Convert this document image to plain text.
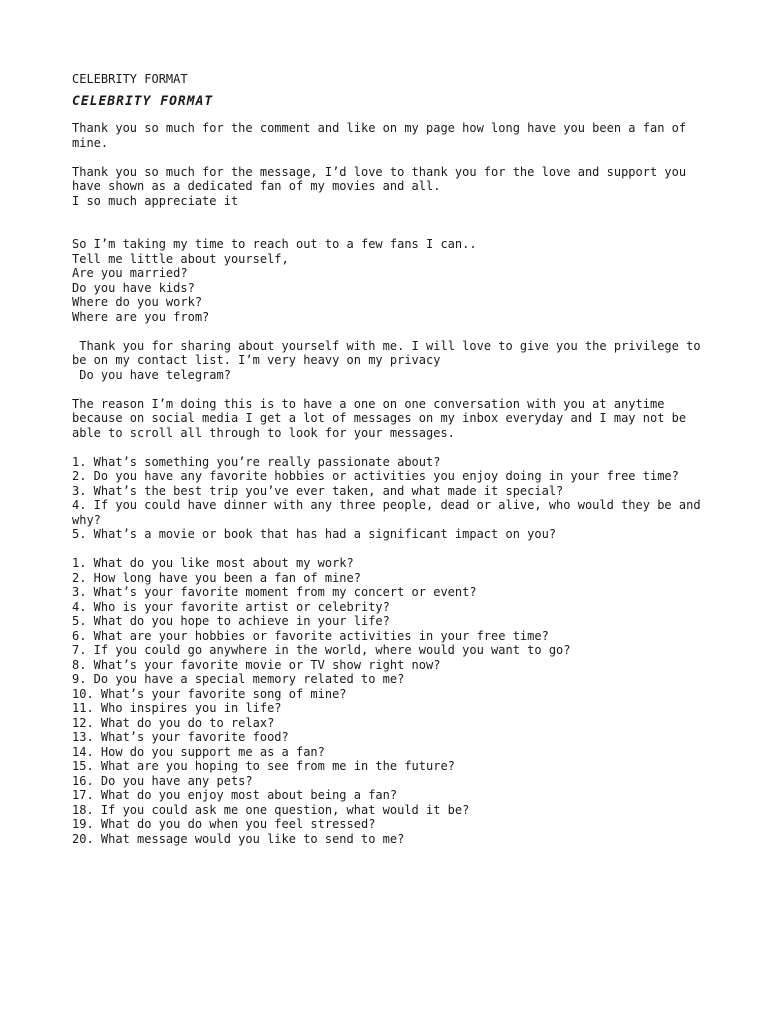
CELEBRITY FORMAT
CELEBRITY FORMAT
Thank you so much for the comment and like on my page how long have you been a fan of mine.
Thank you so much for the message, I’d love to thank you for the love and support you have shown as a dedicated fan of my movies and all.
I so much appreciate it
So I’m taking my time to reach out to a few fans I can..
Tell me little about yourself,
Are you married?
Do you have kids?
Where do you work?
Where are you from?
Thank you for sharing about yourself with me. I will love to give you the privilege to be on my contact list. I’m very heavy on my privacy
Do you have telegram?
The reason I’m doing this is to have a one on one conversation with you at anytime because on social media I get a lot of messages on my inbox everyday and I may not be able to scroll all through to look for your messages.
1. What’s something you’re really passionate about?
2. Do you have any favorite hobbies or activities you enjoy doing in your free time?
3. What’s the best trip you’ve ever taken, and what made it special?
4. If you could have dinner with any three people, dead or alive, who would they be and why?
5. What’s a movie or book that has had a significant impact on you?
1. What do you like most about my work?
2. How long have you been a fan of mine?
3. What’s your favorite moment from my concert or event?
4. Who is your favorite artist or celebrity?
5. What do you hope to achieve in your life?
6. What are your hobbies or favorite activities in your free time?
7. If you could go anywhere in the world, where would you want to go?
8. What’s your favorite movie or TV show right now?
9. Do you have a special memory related to me?
10. What’s your favorite song of mine?
11. Who inspires you in life?
12. What do you do to relax?
13. What’s your favorite food?
14. How do you support me as a fan?
15. What are you hoping to see from me in the future?
16. Do you have any pets?
17. What do you enjoy most about being a fan?
18. If you could ask me one question, what would it be?
19. What do you do when you feel stressed?
20. What message would you like to send to me?
